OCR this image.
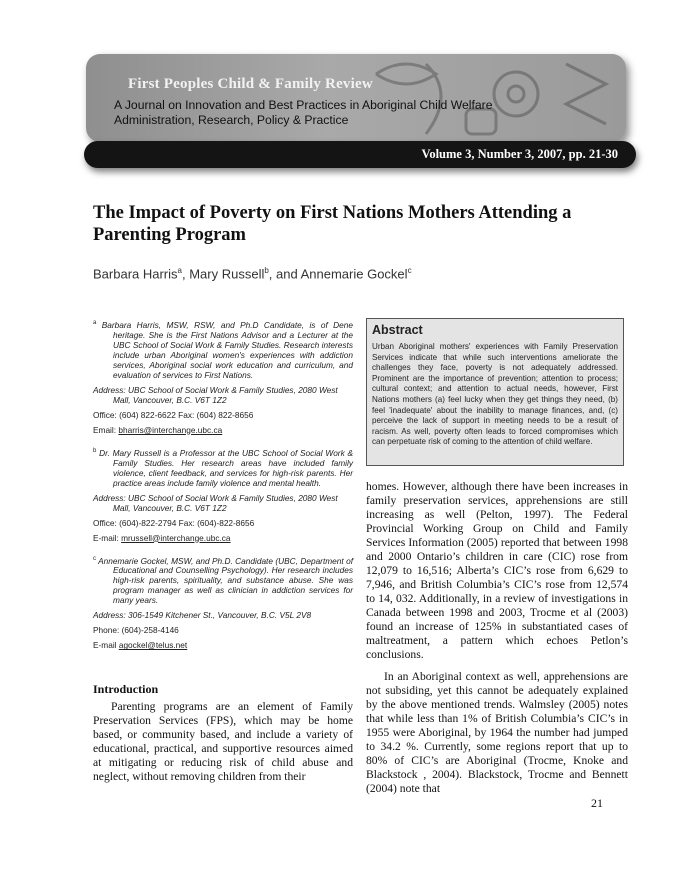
First Peoples Child & Family Review
A Journal on Innovation and Best Practices in Aboriginal Child Welfare
Administration, Research, Policy & Practice
Volume 3, Number 3, 2007, pp. 21-30
The Impact of Poverty on First Nations Mothers Attending a Parenting Program
Barbara Harris$^a$, Mary Russell$^b$, and Annemarie Gockel$^c$
$^a$ Barbara Harris, MSW, RSW, and Ph.D Candidate, is of Dene heritage. She is the First Nations Advisor and a Lecturer at the UBC School of Social Work & Family Studies. Research interests include urban Aboriginal women's experiences with addiction services, Aboriginal social work education and curriculum, and evaluation of services to First Nations.
Address: UBC School of Social Work & Family Studies, 2080 West Mall, Vancouver, B.C. V6T 1Z2
Office: (604) 822-6622 Fax: (604) 822-8656
Email: bharris@interchange.ubc.ca
$^b$ Dr. Mary Russell is a Professor at the UBC School of Social Work & Family Studies. Her research areas have included family violence, client feedback, and services for high-risk parents. Her practice areas include family violence and mental health.
Address: UBC School of Social Work & Family Studies, 2080 West Mall, Vancouver, B.C. V6T 1Z2
Office: (604)-822-2794 Fax: (604)-822-8656
E-mail: mrussell@interchange.ubc.ca
$^c$ Annemarie Gockel, MSW, and Ph.D. Candidate (UBC, Department of Educational and Counselling Psychology). Her research includes high-risk parents, spirituality, and substance abuse. She was program manager as well as clinician in addiction services for many years.
Address: 306-1549 Kitchener St., Vancouver, B.C. V5L 2V8
Phone: (604)-258-4146
E-mail agockel@telus.net
Abstract

Urban Aboriginal mothers' experiences with Family Preservation Services indicate that while such interventions ameliorate the challenges they face, poverty is not adequately addressed. Prominent are the importance of prevention; attention to process; cultural context; and attention to actual needs, however, First Nations mothers (a) feel lucky when they get things they need, (b) feel 'inadequate' about the inability to manage finances, and, (c) perceive the lack of support in meeting needs to be a result of racism. As well, poverty often leads to forced compromises which can perpetuate risk of coming to the attention of child welfare.

Introduction

Parenting programs are an element of Family Preservation Services (FPS), which may be home based, or community based, and include a variety of educational, practical, and supportive resources aimed at mitigating or reducing risk of child abuse and neglect, without removing children from their

homes. However, although there have been increases in family preservation services, apprehensions are still increasing as well (Pelton, 1997). The Federal Provincial Working Group on Child and Family Services Information (2005) reported that between 1998 and 2000 Ontario’s children in care (CIC) rose from 12,079 to 16,516; Alberta’s CIC’s rose from 6,629 to 7,946, and British Columbia’s CIC’s rose from 12,574 to 14, 032. Additionally, in a review of investigations in Canada between 1998 and 2003, Trocme et al (2003) found an increase of 125% in substantiated cases of maltreatment, a pattern which echoes Petlon’s conclusions.

In an Aboriginal context as well, apprehensions are not subsiding, yet this cannot be adequately explained by the above mentioned trends. Walmsley (2005) notes that while less than 1% of British Columbia’s CIC’s in 1955 were Aboriginal, by 1964 the number had jumped to 34.2 %. Currently, some regions report that up to 80% of CIC’s are Aboriginal (Trocme, Knoke and Blackstock , 2004). Blackstock, Trocme and Bennett (2004) note that

21
